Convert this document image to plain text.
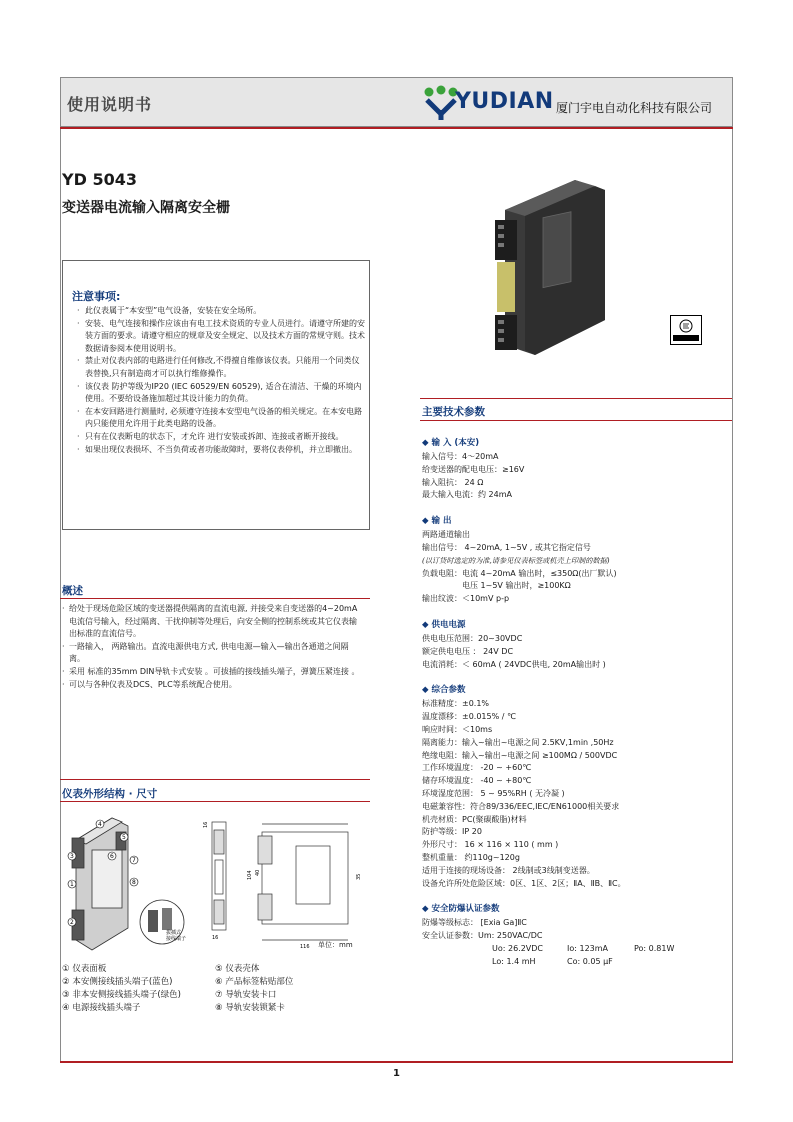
使用说明书	YUDIAN 厦门宇电自动化科技有限公司
YD 5043
变送器电流输入隔离安全栅
注意事项:
· 此仪表属于“本安型”电气设备，安装在安全场所。
· 安装、电气连接和操作应该由有电工技术资质的专业人员进行。请遵守所建的安装方面的要求。请遵守相应的规章及安全规定、以及技术方面的常规守则。技术数据请参阅本使用说明书。
· 禁止对仪表内部的电路进行任何修改,不得擅自维修该仪表。只能用一个同类仪表替换,只有制造商才可以执行维修操作。
· 该仪表 防护等级为IP20 (IEC 60529/EN 60529), 适合在清洁、干燥的环境内使用。不要给设备施加超过其设计能力的负荷。
· 在本安回路进行测量时, 必须遵守连接本安型电气设备的相关规定。在本安电路内只能使用允许用于此类电路的设备。
· 只有在仪表断电的状态下，才允许 进行安装或拆卸、连接或者断开接线。
· 如果出现仪表损坏、不当负荷或者功能故障时，要将仪表停机，并立即撤出。
概述
· 给处于现场危险区域的变送器提供隔离的直流电源, 并接受来自变送器的4~20mA电流信号输入，经过隔离、干扰抑制等处理后，向安全侧的控制系统或其它仪表输出标准的直流信号。
· 一路输入， 两路输出。直流电源供电方式, 供电电源—输入—输出各通道之间隔离。
· 采用 标准的35mm DIN导轨卡式安装 。可拔插的接线插头端子，弹簧压紧连接 。
· 可以与各种仪表及DCS、PLC等系统配合使用。
仪表外形结构 · 尺寸
4
5
3	6
1
7
2
8
拔插式
接线端子	16
16
104 40
35
116 单位：mm
① 仪表面板
② 本安侧接线插头端子(蓝色)
③ 非本安侧接线插头端子(绿色)
④ 电源接线插头端子
⑤ 仪表壳体
⑥ 产品标签粘贴部位
⑦ 导轨安装卡口
⑧ 导轨安装锁紧卡
主要技术参数
◆ 输 入 (本安)
输入信号：4～20mA
给变送器的配电电压：≥16V
输入阻抗： 24 Ω
最大输入电流：约 24mA
◆ 输 出
两路通道输出
输出信号： 4~20mA, 1~5V , 或其它指定信号
(以订货时选定的为准,请参见仪表标签或机壳上印制的数据)
负载电阻：电流 4~20mA 输出时，≤350Ω(出厂默认)
　　　　　电压 1~5V 输出时，≥100KΩ
输出纹波：＜10mV p-p
◆ 供电电源
供电电压范围：20~30VDC
额定供电电压 ： 24V DC
电流消耗：＜ 60mA ( 24VDC供电, 20mA输出时 )
◆ 综合参数
标准精度：±0.1%
温度漂移：±0.015% / ℃
响应时间：＜10ms
隔离能力：输入~输出~电源之间 2.5KV,1min ,50Hz
绝缘电阻：输入~输出~电源之间 ≥100MΩ / 500VDC
工作环境温度： -20 ~ +60℃
储存环境温度： -40 ~ +80℃
环境湿度范围： 5 ~ 95%RH ( 无冷凝 )
电磁兼容性：符合89/336/EEC,IEC/EN61000相关要求
机壳材质：PC(聚碳酸脂)材料
防护等级：IP 20
外形尺寸： 16 × 116 × 110 ( mm )
整机重量： 约110g~120g
适用于连接的现场设备： 2线制或3线制变送器。
设备允许所处危险区域：0区、1区、2区；ⅡA、ⅡB、ⅡC。
◆ 安全防爆认证参数
防爆等级标志： [Exia Ga]ⅡC
安全认证参数：Um: 250VAC/DC
Uo: 26.2VDC	Io: 123mA	Po: 0.81W
Lo: 1.4 mH	Co: 0.05 μF
1
